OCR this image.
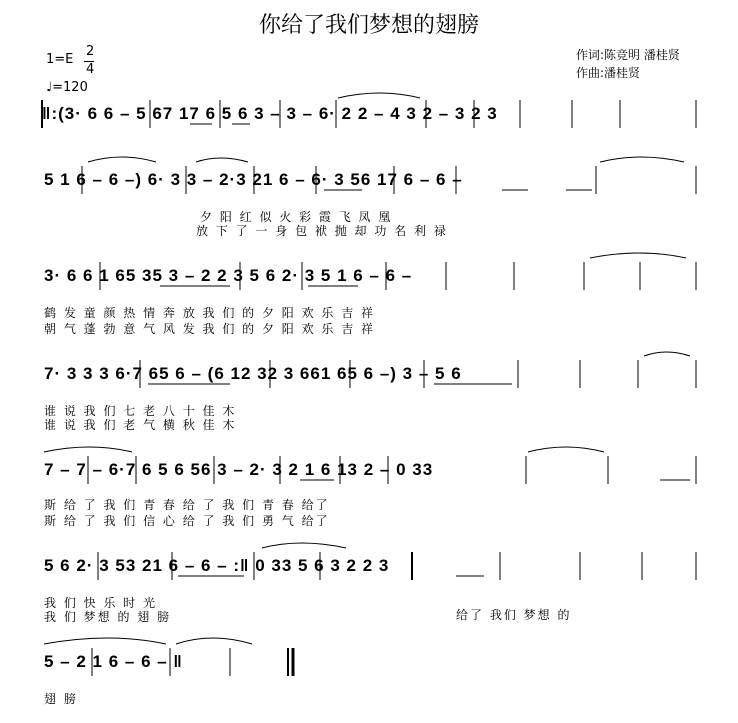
你给了我们梦想的翅膀
1=E
2
4
♩=120
作词:陈竞明 潘桂贤
作曲:潘桂贤
‖:(3· 6 6 – 5 67 17 6 5 6 3 – 3 – 6· 2 2 – 4 3 2 – 3 2 3
5 1 6 – 6 –) 6· 3 3 – 2·3 21 6 – 6· 3 56 17 6 – 6 –
夕 阳 红 似 火 彩 霞 飞 凤 凰
放 下 了 一 身 包 袱 抛 却 功 名 利 禄
3· 6 6 1 65 35 3 – 2 2 3 5 6 2· 3 5 1 6 – 6 –
鹤 发 童 颜 热 情 奔 放 我 们 的 夕 阳 欢 乐 吉 祥
朝 气 蓬 勃 意 气 风 发 我 们 的 夕 阳 欢 乐 吉 祥
7· 3 3 3 6·7 65 6 – (6 12 32 3 661 65 6 –) 3 – 5 6
谁 说 我 们 七 老 八 十 佳 木
谁 说 我 们 老 气 横 秋 佳 木
7 – 7 – 6·7 6 5 6 56 3 – 2· 3 2 1 6 13 2 – 0 33
斯 给 了 我 们 青 春 给 了 我 们 青 春 给了
斯 给 了 我 们 信 心 给 了 我 们 勇 气 给了
5 6 2· 3 53 21 6 – 6 – :‖ 0 33 5 6 3 2 2 3
我 们 快 乐 时 光
我 们 梦想 的 翅 膀	给了 我们 梦想 的
5 – 2 1 6 – 6 – ‖
翅 膀
